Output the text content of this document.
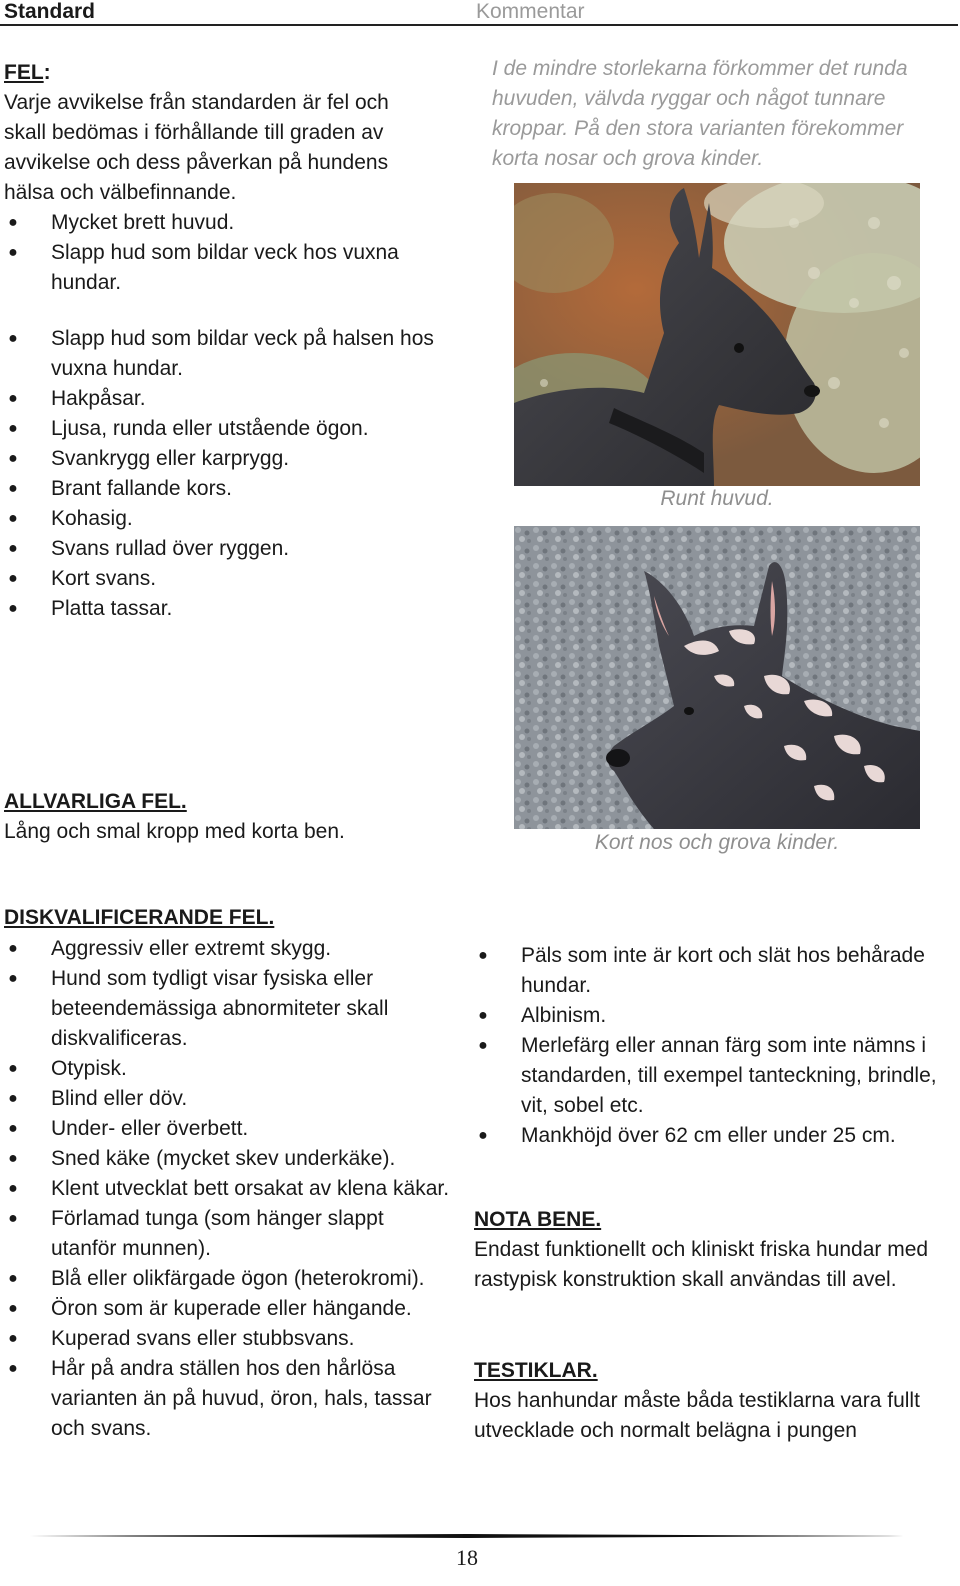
Standard	Kommentar
FEL:
Varje avvikelse från standarden är fel och skall bedömas i förhållande till graden av avvikelse och dess påverkan på hundens hälsa och välbefinnande.
● Mycket brett huvud.
● Slapp hud som bildar veck hos vuxna hundar.
● Slapp hud som bildar veck på halsen hos vuxna hundar.
● Hakpåsar.
● Ljusa, runda eller utstående ögon.
● Svankrygg eller karprygg.
● Brant fallande kors.
● Kohasig.
● Svans rullad över ryggen.
● Kort svans.
● Platta tassar.
I de mindre storlekarna förkommer det runda huvuden, välvda ryggar och något tunnare kroppar. På den stora varianten förekommer korta nosar och grova kinder.
Runt huvud.
Kort nos och grova kinder.
ALLVARLIGA FEL.
Lång och smal kropp med korta ben.
DISKVALIFICERANDE FEL.
● Aggressiv eller extremt skygg.
● Hund som tydligt visar fysiska eller beteendemässiga abnormiteter skall diskvalificeras.
● Otypisk.
● Blind eller döv.
● Under- eller överbett.
● Sned käke (mycket skev underkäke).
● Klent utvecklat bett orsakat av klena käkar.
● Förlamad tunga (som hänger slappt utanför munnen).
● Blå eller olikfärgade ögon (heterokromi).
● Öron som är kuperade eller hängande.
● Kuperad svans eller stubbsvans.
● Hår på andra ställen hos den hårlösa varianten än på huvud, öron, hals, tassar och svans.
● Päls som inte är kort och slät hos behårade hundar.
● Albinism.
● Merlefärg eller annan färg som inte nämns i standarden, till exempel tanteckning, brindle, vit, sobel etc.
● Mankhöjd över 62 cm eller under 25 cm.
NOTA BENE.
Endast funktionellt och kliniskt friska hundar med rastypisk konstruktion skall användas till avel.
TESTIKLAR.
Hos hanhundar måste båda testiklarna vara fullt utvecklade och normalt belägna i pungen
18
